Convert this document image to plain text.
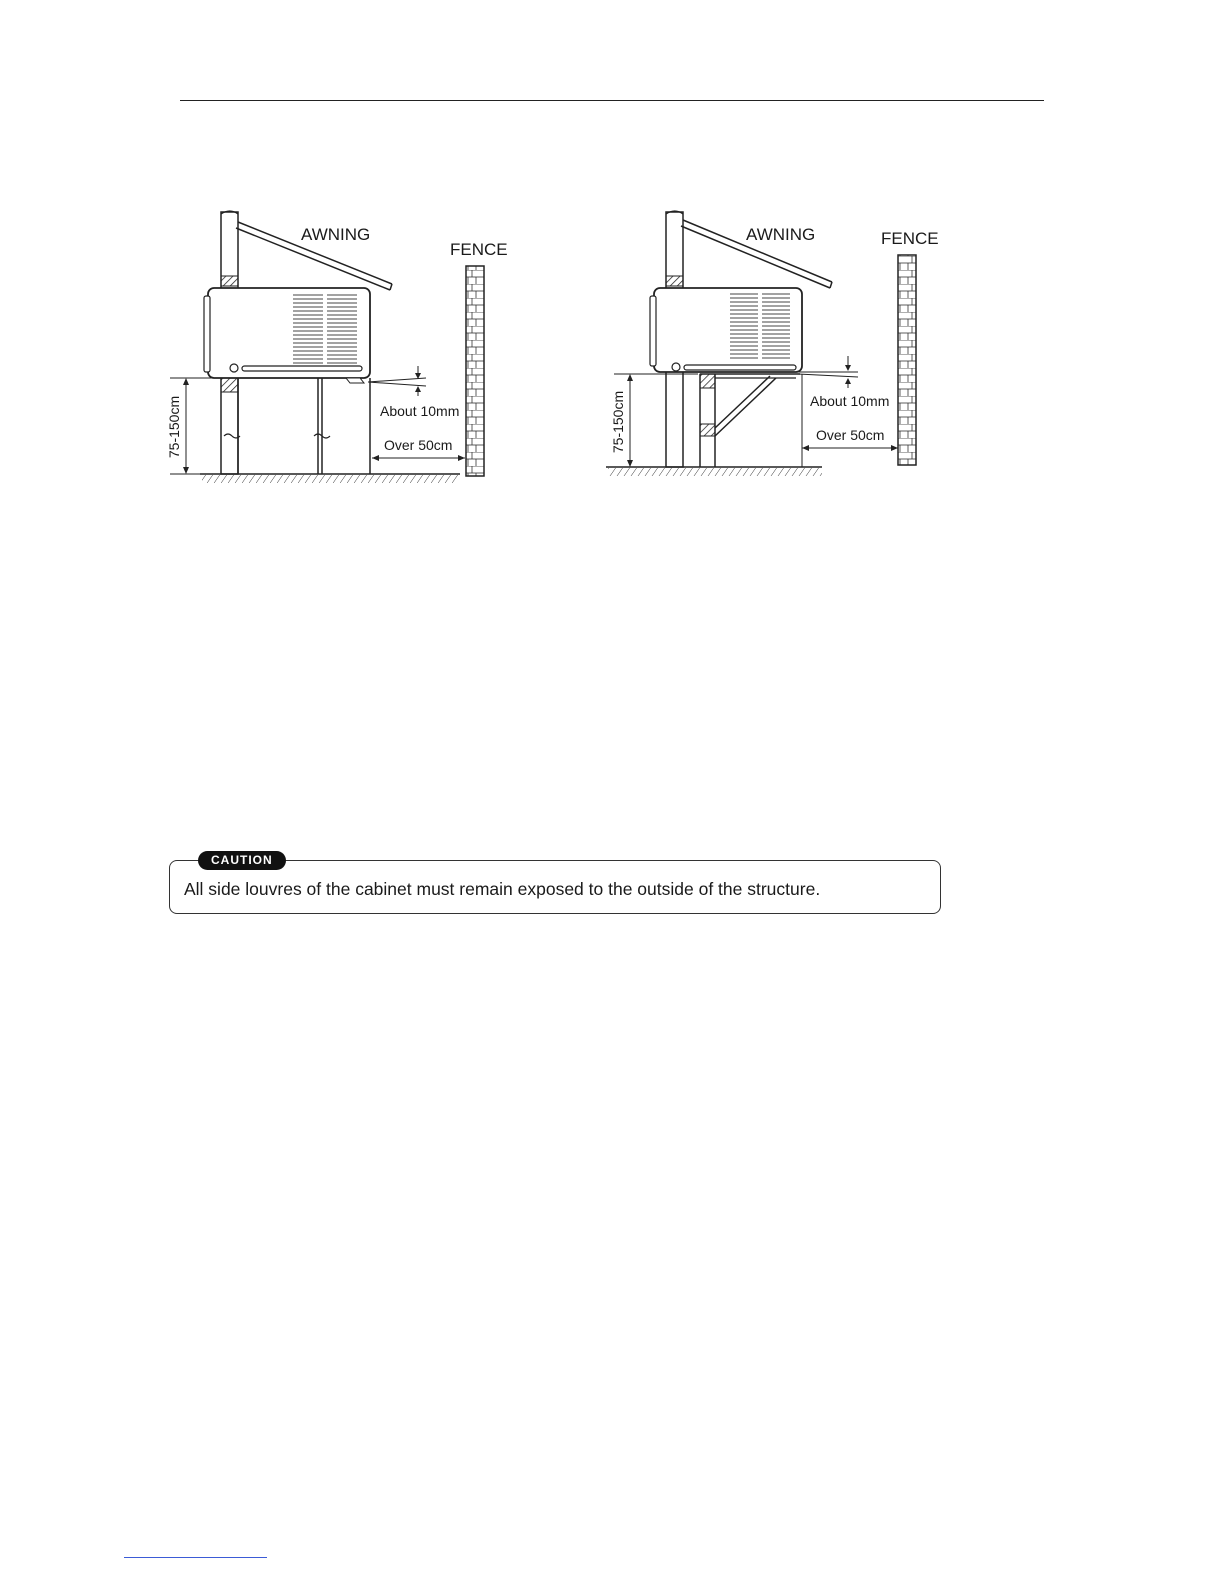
75-150cm	About 10mm
Over 50cm
AWNING
FENCE
75-150cm	About 10mm
Over 50cm
AWNING	FENCE
CAUTION
All side louvres of the cabinet must remain exposed to the outside of the structure.
